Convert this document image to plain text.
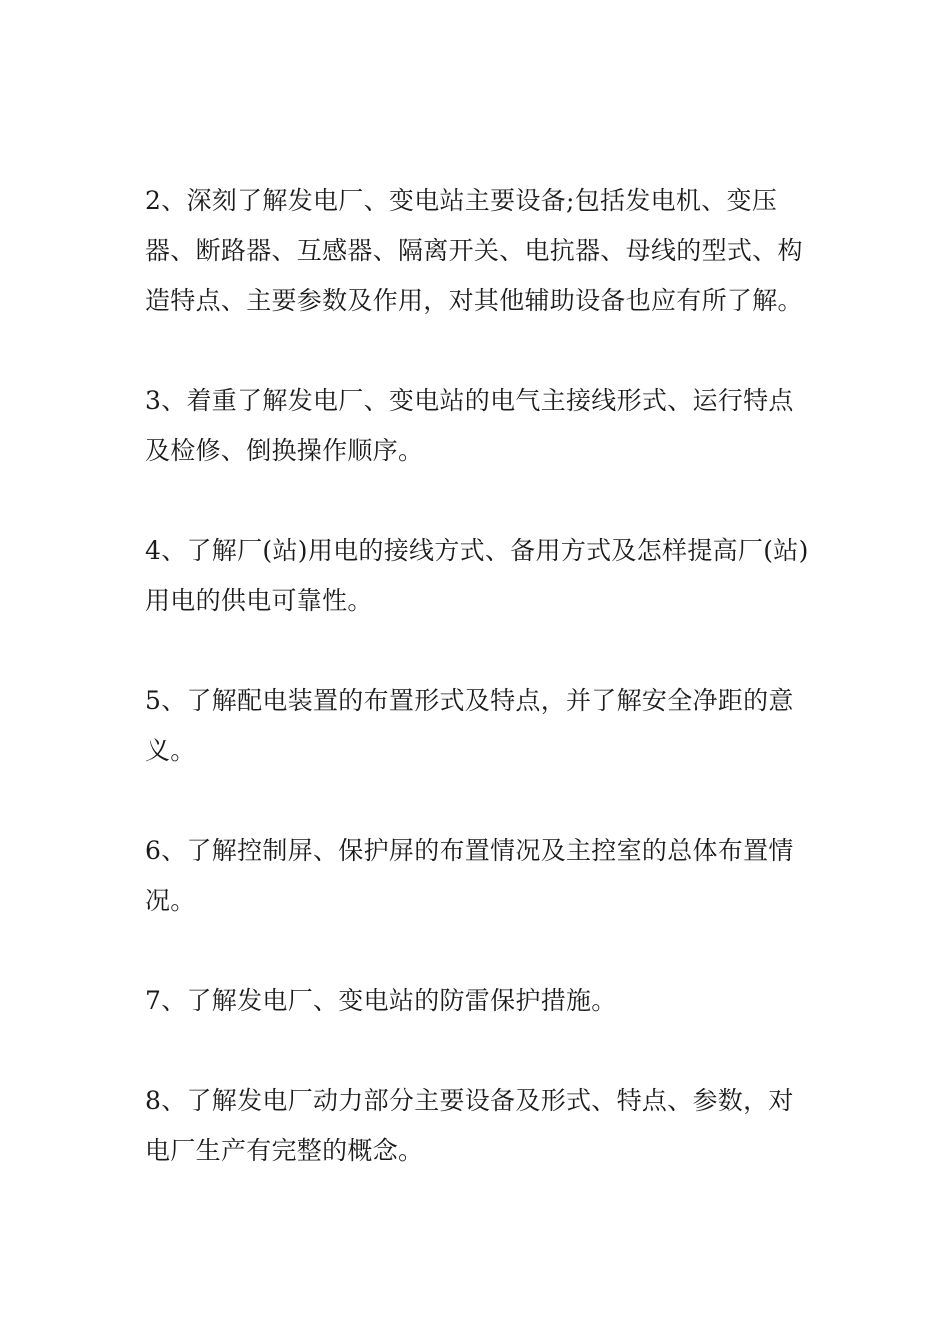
2、深刻了解发电厂、变电站主要设备;包括发电机、变压器、断路器、互感器、隔离开关、电抗器、母线的型式、构造特点、主要参数及作用，对其他辅助设备也应有所了解。

3、着重了解发电厂、变电站的电气主接线形式、运行特点及检修、倒换操作顺序。

4、了解厂(站)用电的接线方式、备用方式及怎样提高厂(站)用电的供电可靠性。

5、了解配电装置的布置形式及特点，并了解安全净距的意义。

6、了解控制屏、保护屏的布置情况及主控室的总体布置情况。

7、了解发电厂、变电站的防雷保护措施。

8、了解发电厂动力部分主要设备及形式、特点、参数，对电厂生产有完整的概念。
